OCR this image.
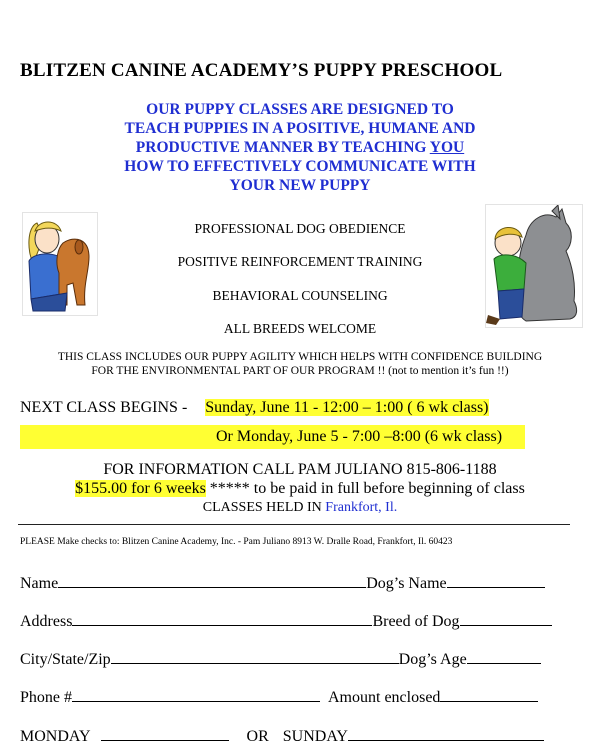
BLITZEN CANINE ACADEMY’S PUPPY PRESCHOOL
OUR PUPPY CLASSES ARE DESIGNED TO
TEACH PUPPIES IN A POSITIVE, HUMANE AND
PRODUCTIVE MANNER BY TEACHING YOU
HOW TO EFFECTIVELY COMMUNICATE WITH
YOUR NEW PUPPY
PROFESSIONAL DOG OBEDIENCE
POSITIVE REINFORCEMENT TRAINING
BEHAVIORAL COUNSELING
ALL BREEDS WELCOME
THIS CLASS INCLUDES OUR PUPPY AGILITY WHICH HELPS WITH CONFIDENCE BUILDING
FOR THE ENVIRONMENTAL PART OF OUR PROGRAM !! (not to mention it’s fun !!)
NEXT CLASS BEGINS - Sunday, June 11 - 12:00 – 1:00 ( 6 wk class)
Or Monday, June 5 - 7:00 –8:00 (6 wk class)
FOR INFORMATION CALL PAM JULIANO 815-806-1188
$155.00 for 6 weeks ***** to be paid in full before beginning of class
CLASSES HELD IN Frankfort, Il.
PLEASE Make checks to: Blitzen Canine Academy, Inc. - Pam Juliano 8913 W. Dralle Road, Frankfort, Il. 60423
Name	Dog’s Name
Address	Breed of Dog
City/State/Zip	Dog’s Age
Phone #	Amount enclosed
MONDAY	OR SUNDAY
